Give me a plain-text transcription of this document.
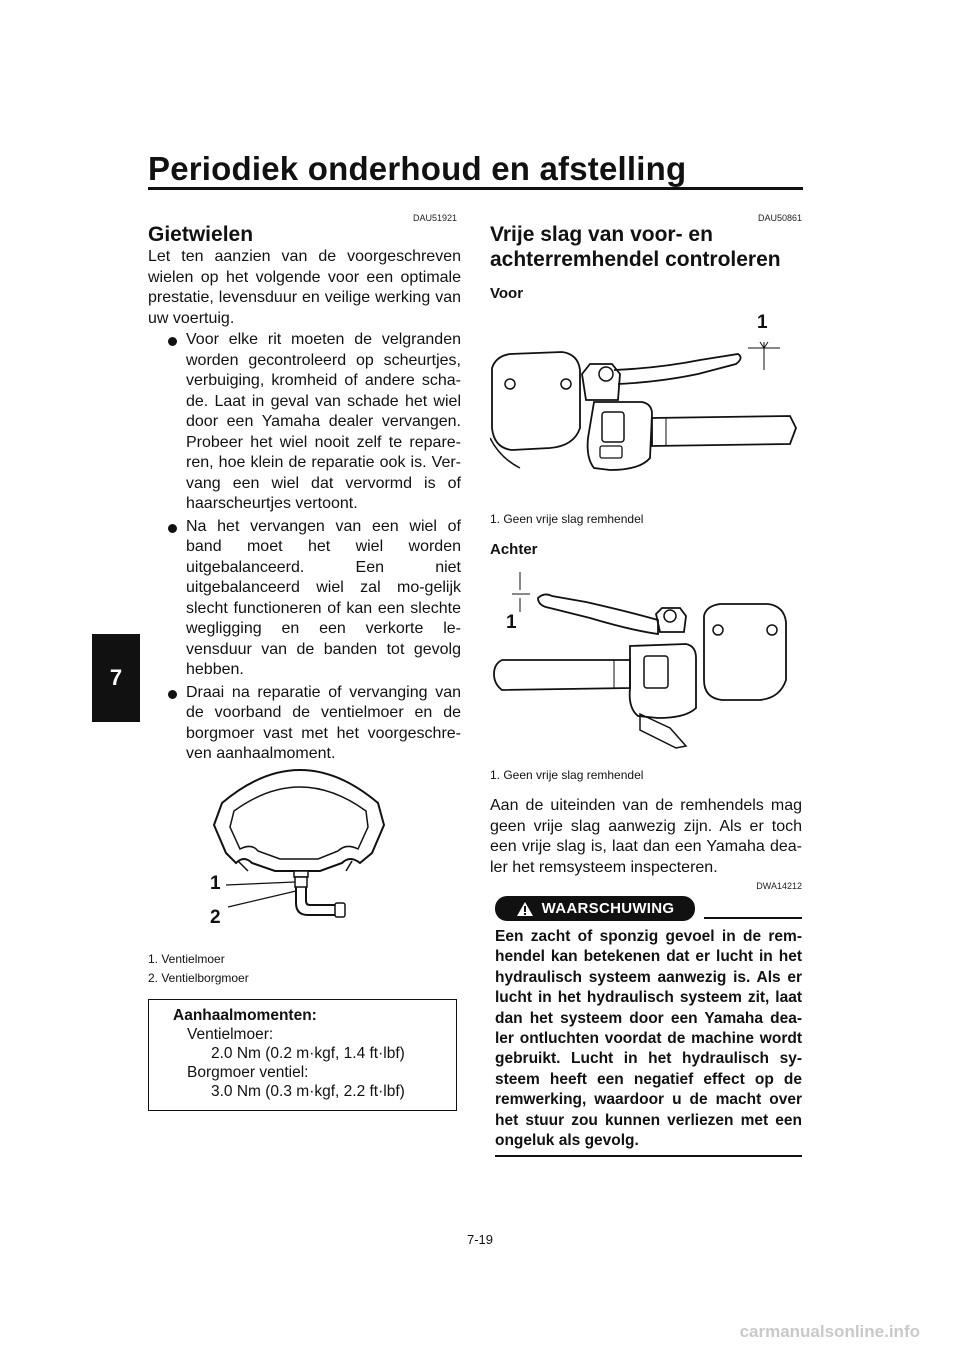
Periodiek onderhoud en afstelling
7
DAU51921
Gietwielen
Let ten aanzien van de voorgeschreven wielen op het volgende voor een optimale prestatie, levensduur en veilige werking van uw voertuig.
Voor elke rit moeten de velgranden worden gecontroleerd op scheurtjes, verbuiging, kromheid of andere scha-de. Laat in geval van schade het wiel door een Yamaha dealer vervangen. Probeer het wiel nooit zelf te repare-ren, hoe klein de reparatie ook is. Ver-vang een wiel dat vervormd is of haarscheurtjes vertoont.
Na het vervangen van een wiel of band moet het wiel worden uitgebalanceerd. Een niet uitgebalanceerd wiel zal mo-gelijk slecht functioneren of kan een slechte wegligging en een verkorte le-vensduur van de banden tot gevolg hebben.
Draai na reparatie of vervanging van de voorband de ventielmoer en de borgmoer vast met het voorgeschre-ven aanhaalmoment.
1
2
1. Ventielmoer
2. Ventielborgmoer
Aanhaalmomenten:
Ventielmoer:
2.0 Nm (0.2 m·kgf, 1.4 ft·lbf)
Borgmoer ventiel:
3.0 Nm (0.3 m·kgf, 2.2 ft·lbf)
DAU50861
Vrije slag van voor- en achterremhendel controleren
Voor
1
1. Geen vrije slag remhendel
Achter
1
1. Geen vrije slag remhendel
Aan de uiteinden van de remhendels mag geen vrije slag aanwezig zijn. Als er toch een vrije slag is, laat dan een Yamaha dea-ler het remsysteem inspecteren.
DWA14212
WAARSCHUWING
Een zacht of sponzig gevoel in de rem-hendel kan betekenen dat er lucht in het hydraulisch systeem aanwezig is. Als er lucht in het hydraulisch systeem zit, laat dan het systeem door een Yamaha dea-ler ontluchten voordat de machine wordt gebruikt. Lucht in het hydraulisch sy-steem heeft een negatief effect op de remwerking, waardoor u de macht over het stuur zou kunnen verliezen met een ongeluk als gevolg.
7-19
carmanualsonline.info
